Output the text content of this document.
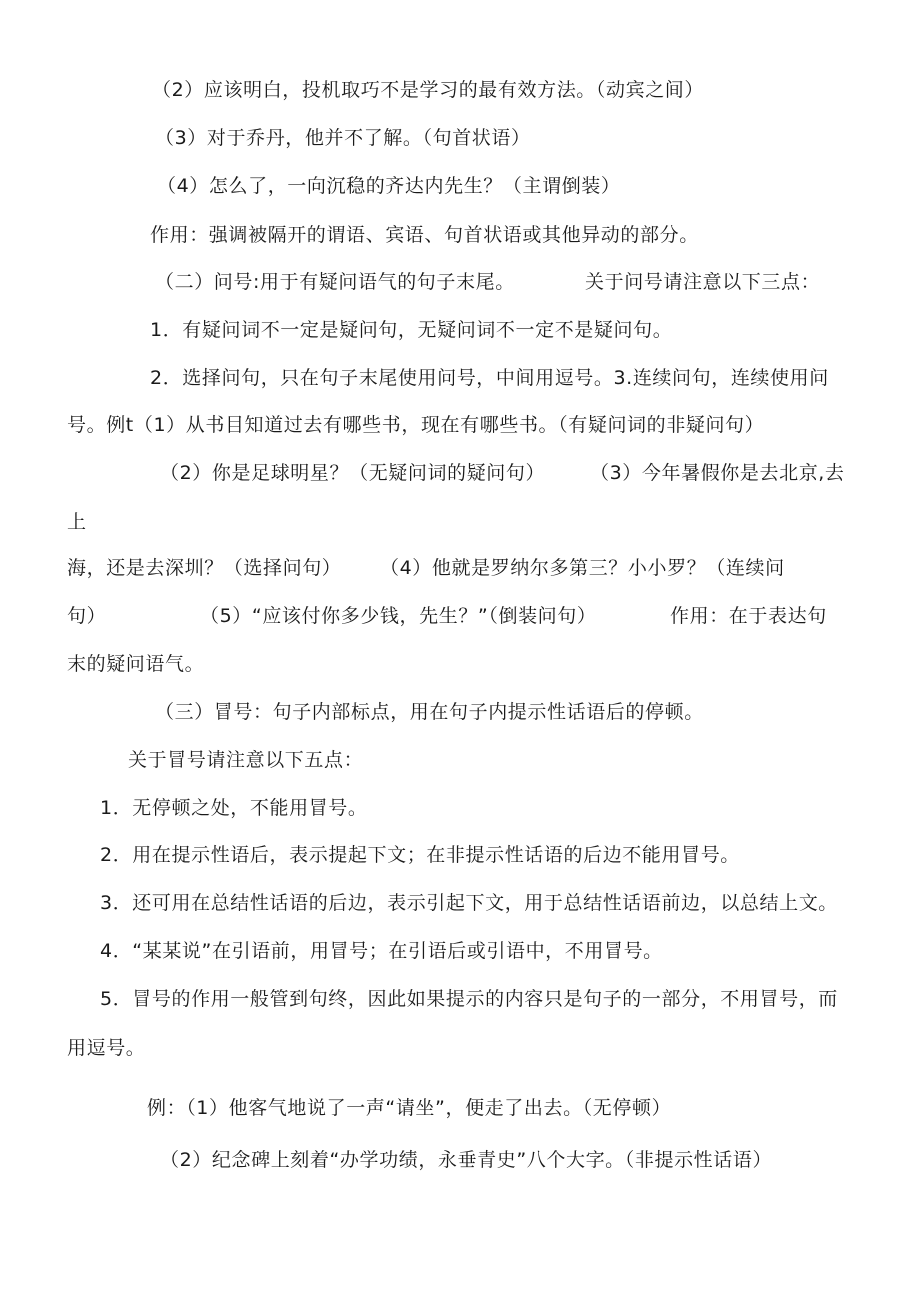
（2）应该明白，投机取巧不是学习的最有效方法。（动宾之间）
（3）对于乔丹，他并不了解。（句首状语）
（4）怎么了，一向沉稳的齐达内先生？（主谓倒装）
作用：强调被隔开的谓语、宾语、句首状语或其他异动的部分。
（二）问号:用于有疑问语气的句子末尾。	关于问号请注意以下三点：
1．有疑问词不一定是疑问句，无疑问词不一定不是疑问句。
2．选择问句，只在句子末尾使用问号，中间用逗号。3.连续问句，连续使用问
号。例t（1）从书目知道过去有哪些书，现在有哪些书。（有疑问词的非疑问句）
（2）你是足球明星？（无疑问词的疑问句） （3）今年暑假你是去北京,去
上
海，还是去深圳？（选择问句） （4）他就是罗纳尔多第三？小小罗？（连续问
句）	（5）“应该付你多少钱，先生？”（倒装问句）	作用：在于表达句
末的疑问语气。
（三）冒号：句子内部标点，用在句子内提示性话语后的停顿。
关于冒号请注意以下五点：
1．无停顿之处，不能用冒号。
2．用在提示性语后，表示提起下文；在非提示性话语的后边不能用冒号。
3．还可用在总结性话语的后边，表示引起下文，用于总结性话语前边，以总结上文。
4．“某某说”在引语前，用冒号；在引语后或引语中，不用冒号。
5．冒号的作用一般管到句终，因此如果提示的内容只是句子的一部分，不用冒号，而
用逗号。
例：（1）他客气地说了一声“请坐”，便走了出去。（无停顿）
（2）纪念碑上刻着“办学功绩，永垂青史”八个大字。（非提示性话语）
